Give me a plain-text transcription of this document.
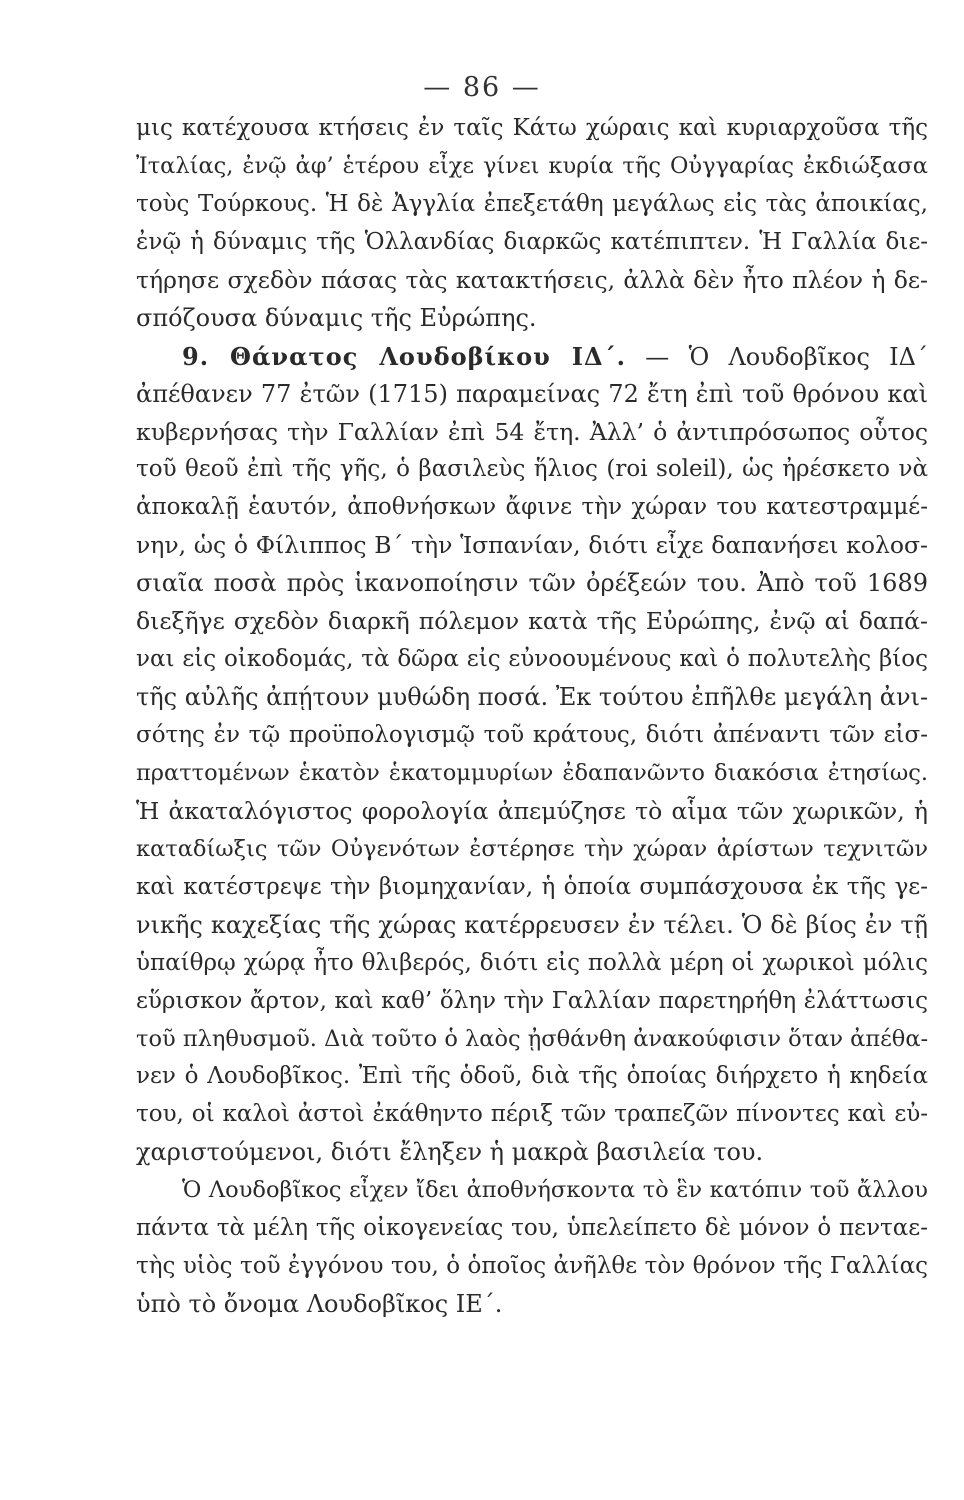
— 86 —
μις κατέχουσα κτήσεις ἐν ταῖς Κάτω χώραις καὶ κυριαρχοῦσα τῆς
Ἰταλίας, ἐνῷ ἀφ’ ἑτέρου εἶχε γίνει κυρία τῆς Οὐγγαρίας ἐκδιώξασα
τοὺς Τούρκους. Ἡ δὲ Ἀγγλία ἐπεξετάθη μεγάλως εἰς τὰς ἀποικίας,
ἐνῷ ἡ δύναμις τῆς Ὁλλανδίας διαρκῶς κατέπιπτεν. Ἡ Γαλλία διε-
τήρησε σχεδὸν πάσας τὰς κατακτήσεις, ἀλλὰ δὲν ἦτο πλέον ἡ δε-
σπόζουσα δύναμις τῆς Εὐρώπης.
9. Θάνατος Λουδοβίκου ΙΔ΄. — Ὁ Λουδοβῖκος ΙΔ΄
ἀπέθανεν 77 ἐτῶν (1715) παραμείνας 72 ἔτη ἐπὶ τοῦ θρόνου καὶ
κυβερνήσας τὴν Γαλλίαν ἐπὶ 54 ἔτη. Ἀλλ’ ὁ ἀντιπρόσωπος οὗτος
τοῦ θεοῦ ἐπὶ τῆς γῆς, ὁ βασιλεὺς ἥλιος (roi soleil), ὡς ἠρέσκετο νὰ
ἀποκαλῇ ἑαυτόν, ἀποθνήσκων ἄφινε τὴν χώραν του κατεστραμμέ-
νην, ὡς ὁ Φίλιππος Β΄ τὴν Ἱσπανίαν, διότι εἶχε δαπανήσει κολοσ-
σιαῖα ποσὰ πρὸς ἱκανοποίησιν τῶν ὀρέξεών του. Ἀπὸ τοῦ 1689
διεξῆγε σχεδὸν διαρκῆ πόλεμον κατὰ τῆς Εὐρώπης, ἐνῷ αἱ δαπά-
ναι εἰς οἰκοδομάς, τὰ δῶρα εἰς εὐνοουμένους καὶ ὁ πολυτελὴς βίος
τῆς αὐλῆς ἀπῄτουν μυθώδη ποσά. Ἐκ τούτου ἐπῆλθε μεγάλη ἀνι-
σότης ἐν τῷ προϋπολογισμῷ τοῦ κράτους, διότι ἀπέναντι τῶν εἰσ-
πραττομένων ἑκατὸν ἑκατομμυρίων ἐδαπανῶντο διακόσια ἐτησίως.
Ἡ ἀκαταλόγιστος φορολογία ἀπεμύζησε τὸ αἷμα τῶν χωρικῶν, ἡ
καταδίωξις τῶν Οὐγενότων ἐστέρησε τὴν χώραν ἀρίστων τεχνιτῶν
καὶ κατέστρεψε τὴν βιομηχανίαν, ἡ ὁποία συμπάσχουσα ἐκ τῆς γε-
νικῆς καχεξίας τῆς χώρας κατέρρευσεν ἐν τέλει. Ὁ δὲ βίος ἐν τῇ
ὑπαίθρῳ χώρᾳ ἦτο θλιβερός, διότι εἰς πολλὰ μέρη οἱ χωρικοὶ μόλις
εὕρισκον ἄρτον, καὶ καθ’ ὅλην τὴν Γαλλίαν παρετηρήθη ἐλάττωσις
τοῦ πληθυσμοῦ. Διὰ τοῦτο ὁ λαὸς ᾐσθάνθη ἀνακούφισιν ὅταν ἀπέθα-
νεν ὁ Λουδοβῖκος. Ἐπὶ τῆς ὁδοῦ, διὰ τῆς ὁποίας διήρχετο ἡ κηδεία
του, οἱ καλοὶ ἀστοὶ ἐκάθηντο πέριξ τῶν τραπεζῶν πίνοντες καὶ εὐ-
χαριστούμενοι, διότι ἔληξεν ἡ μακρὰ βασιλεία του.
Ὁ Λουδοβῖκος εἶχεν ἴδει ἀποθνήσκοντα τὸ ἓν κατόπιν τοῦ ἄλλου
πάντα τὰ μέλη τῆς οἰκογενείας του, ὑπελείπετο δὲ μόνον ὁ πενταε-
τὴς υἱὸς τοῦ ἐγγόνου του, ὁ ὁποῖος ἀνῆλθε τὸν θρόνον τῆς Γαλλίας
ὑπὸ τὸ ὄνομα Λουδοβῖκος ΙΕ΄.
